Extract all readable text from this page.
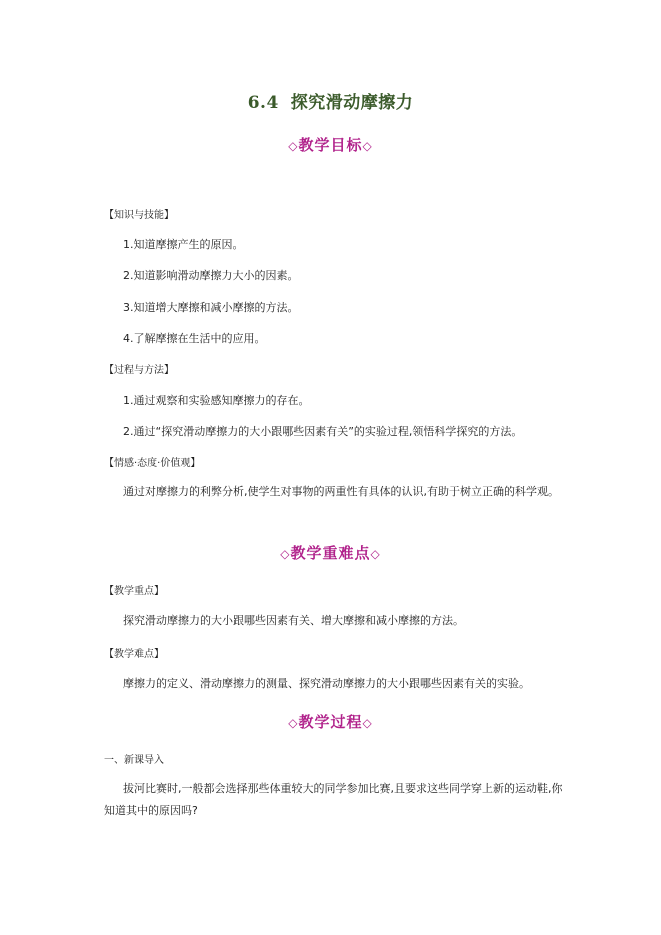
6.4 探究滑动摩擦力
◇教学目标◇
【知识与技能】
1.知道摩擦产生的原因。
2.知道影响滑动摩擦力大小的因素。
3.知道增大摩擦和减小摩擦的方法。
4.了解摩擦在生活中的应用。
【过程与方法】
1.通过观察和实验感知摩擦力的存在。
2.通过“探究滑动摩擦力的大小跟哪些因素有关”的实验过程,领悟科学探究的方法。
【情感·态度·价值观】

通过对摩擦力的利弊分析,使学生对事物的两重性有具体的认识,有助于树立正确的科学观。

◇教学重难点◇
【教学重点】
探究滑动摩擦力的大小跟哪些因素有关、增大摩擦和减小摩擦的方法。
【教学难点】
摩擦力的定义、滑动摩擦力的测量、探究滑动摩擦力的大小跟哪些因素有关的实验。
◇教学过程◇
一、新课导入

拔河比赛时,一般都会选择那些体重较大的同学参加比赛,且要求这些同学穿上新的运动鞋,你知道其中的原因吗?
